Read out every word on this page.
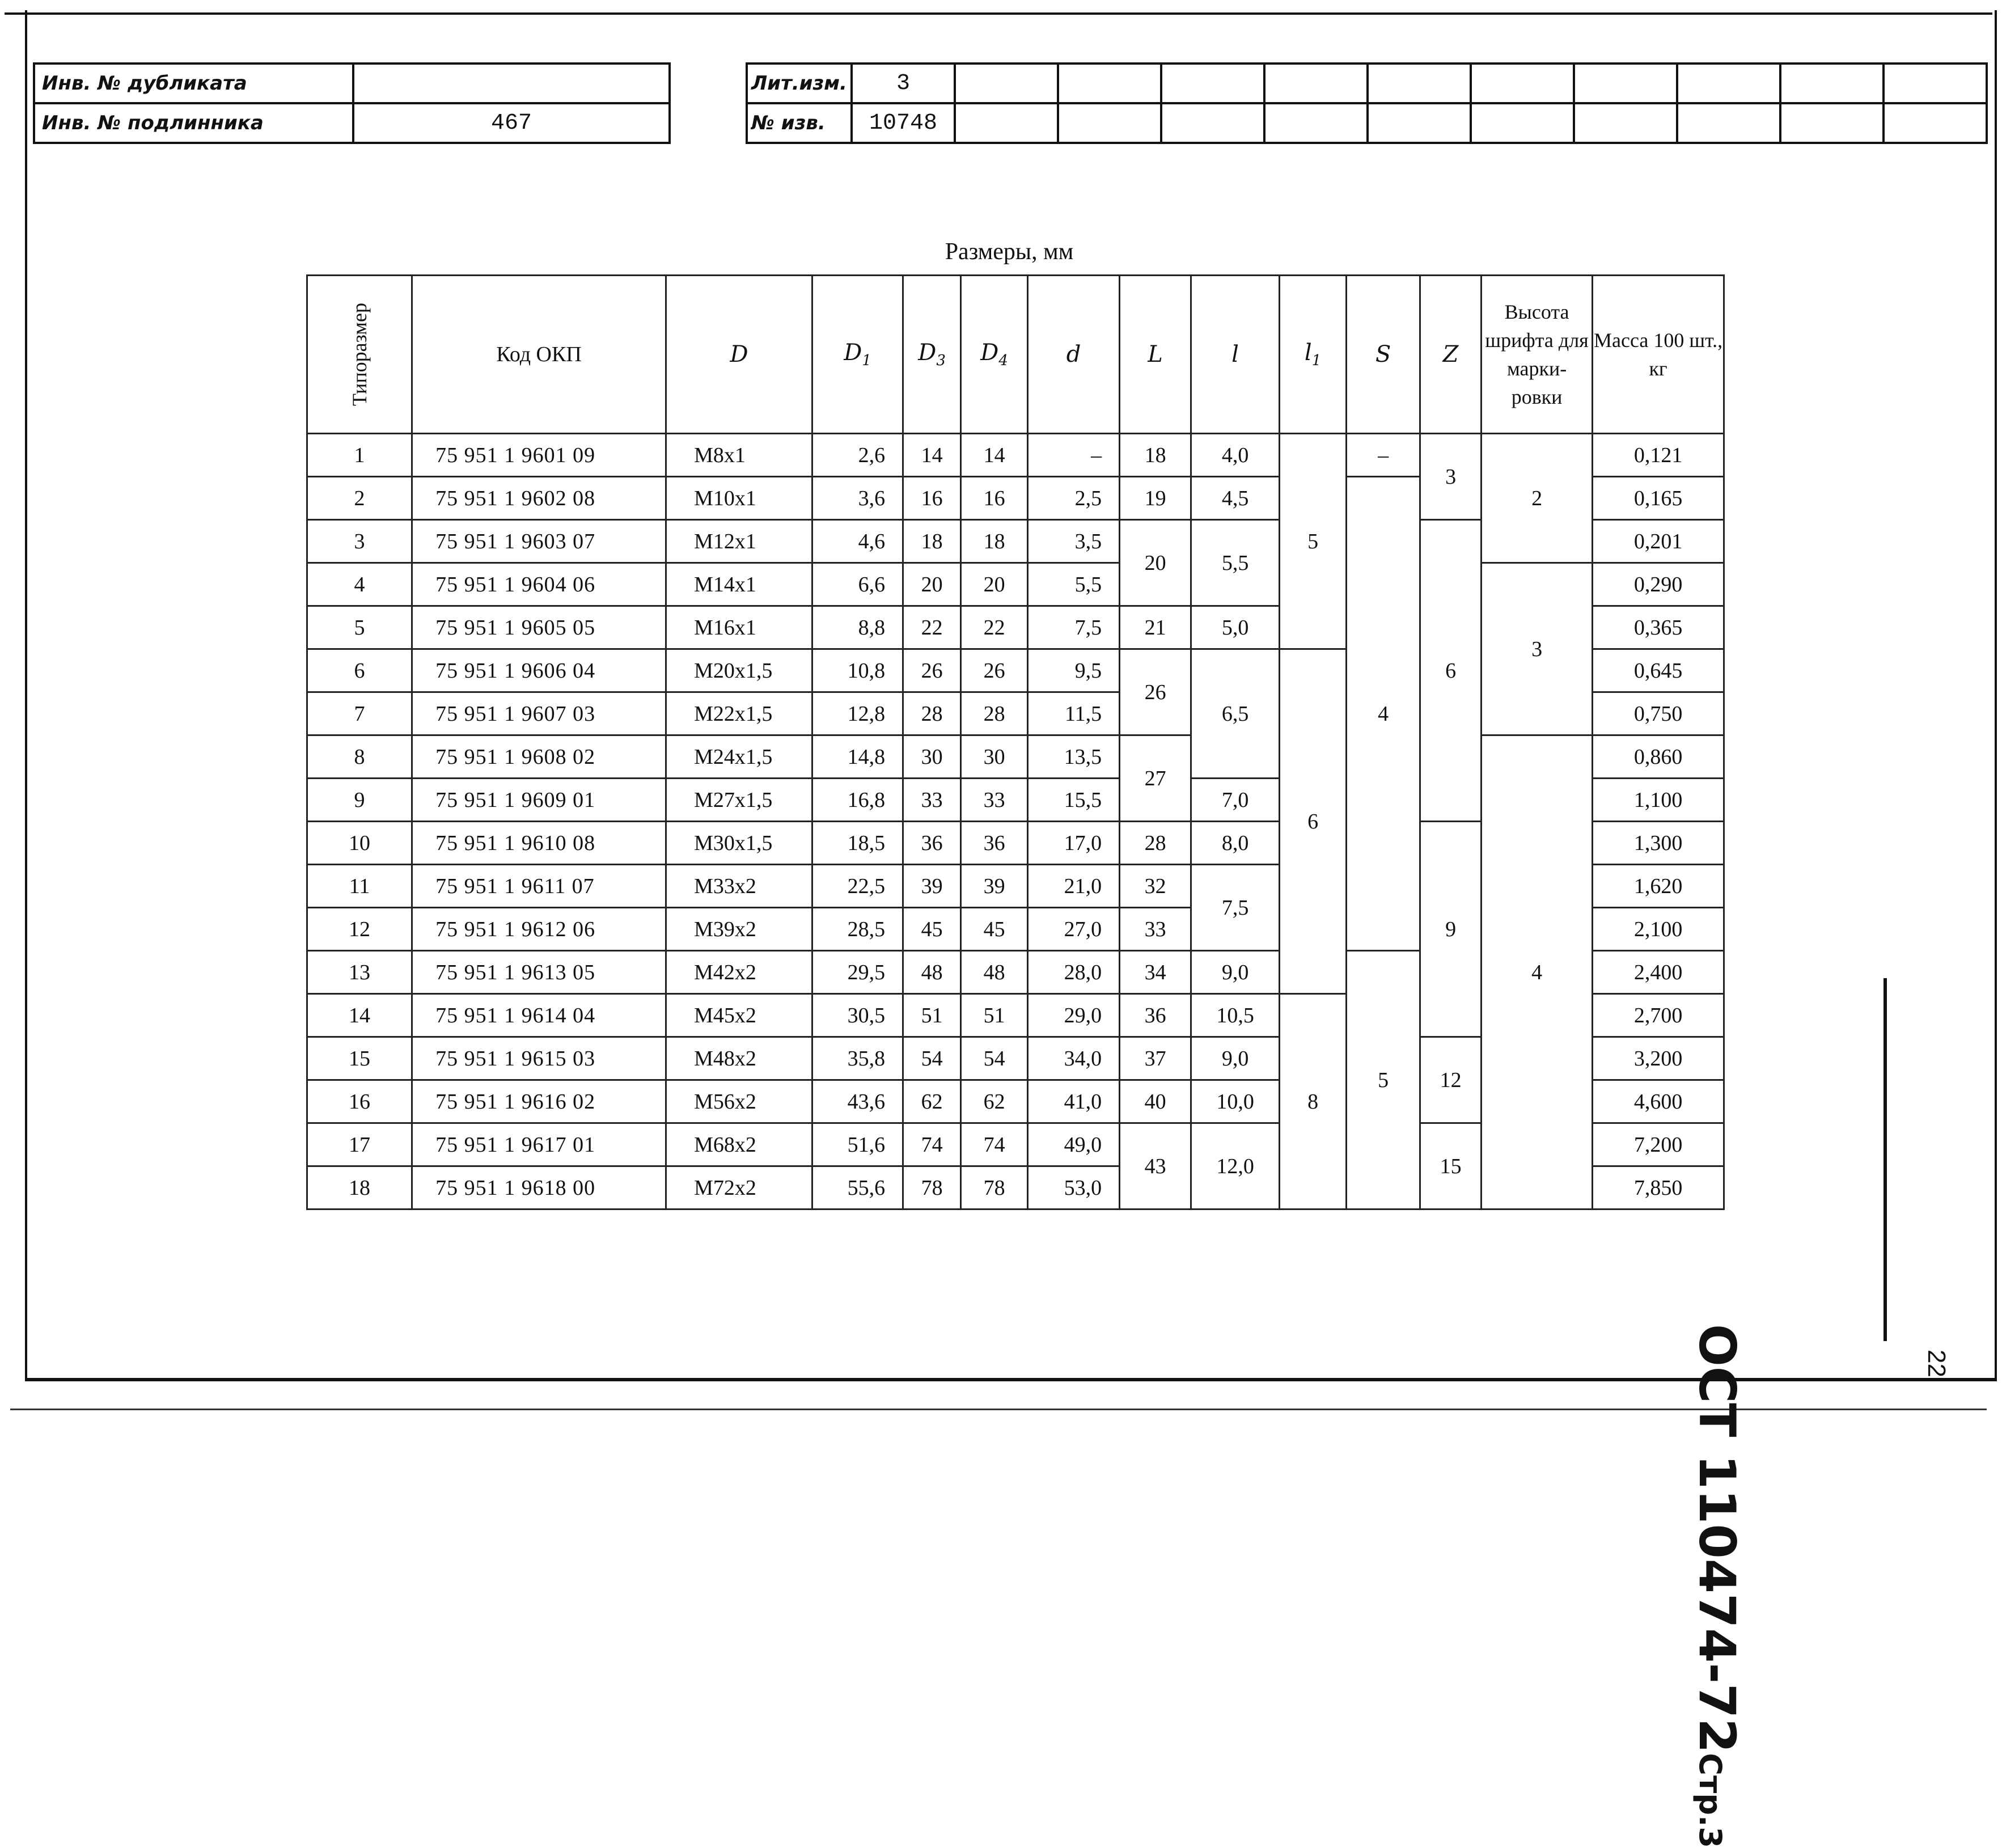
Инв. № дубликата	
Инв. № подлинника	467
Лит.изм.	3										
№ изв.	10748										
Размеры, мм
Типоразмер	Код ОКП	D	$D_1$	$D_3$	$D_4$	d	L	l	$l_1$	S	Z	Высота шрифта для марки- ровки	Масса 100 шт., кг
1	75 951 1 9601 09	M8x1	2,6	14	14	–	18	4,0	5	–	3	2	0,121
2	75 951 1 9602 08	M10x1	3,6	16	16	2,5	19	4,5		4			0,165
3	75 951 1 9603 07	M12x1	4,6	18	18	3,5	20	5,5			6		0,201
4	75 951 1 9604 06	M14x1	6,6	20	20	5,5						3	0,290
5	75 951 1 9605 05	M16x1	8,8	22	22	7,5	21	5,0					0,365
6	75 951 1 9606 04	M20x1,5	10,8	26	26	9,5	26	6,5	6				0,645
7	75 951 1 9607 03	M22x1,5	12,8	28	28	11,5							0,750
8	75 951 1 9608 02	M24x1,5	14,8	30	30	13,5	27					4	0,860
9	75 951 1 9609 01	M27x1,5	16,8	33	33	15,5		7,0					1,100
10	75 951 1 9610 08	M30x1,5	18,5	36	36	17,0	28	8,0			9		1,300
11	75 951 1 9611 07	M33x2	22,5	39	39	21,0	32	7,5					1,620
12	75 951 1 9612 06	M39x2	28,5	45	45	27,0	33						2,100
13	75 951 1 9613 05	M42x2	29,5	48	48	28,0	34	9,0		5			2,400
14	75 951 1 9614 04	M45x2	30,5	51	51	29,0	36	10,5	8				2,700
15	75 951 1 9615 03	M48x2	35,8	54	54	34,0	37	9,0			12		3,200
16	75 951 1 9616 02	M56x2	43,6	62	62	41,0	40	10,0					4,600
17	75 951 1 9617 01	M68x2	51,6	74	74	49,0	43	12,0			15		7,200
18	75 951 1 9618 00	M72x2	55,6	78	78	53,0							7,850
ОСТ 110474-72Стр.3
22
